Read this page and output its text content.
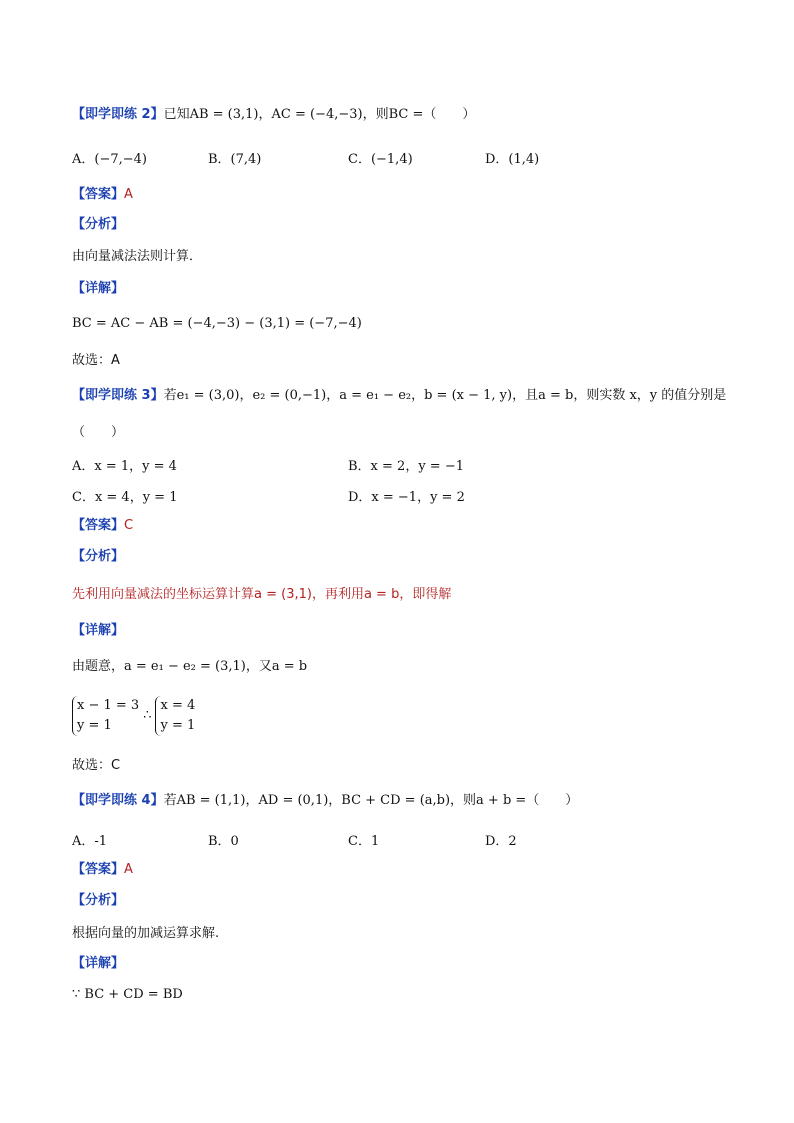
【即学即练 2】已知AB = (3,1)，AC = (−4,−3)，则BC =（　　）
A．(−7,−4)	B．(7,4)	C．(−1,4)	D．(1,4)
【答案】A
【分析】
由向量减法法则计算．
【详解】
BC = AC − AB = (−4,−3) − (3,1) = (−7,−4)
故选：A
【即学即练 3】若e₁ = (3,0)，e₂ = (0,−1)，a = e₁ − e₂，b = (x − 1, y)，且a = b，则实数 x，y 的值分别是
（　　）
A．x = 1，y = 4	B．x = 2，y = −1
C．x = 4，y = 1	D．x = −1，y = 2
【答案】C
【分析】
先利用向量减法的坐标运算计算a = (3,1)，再利用a = b，即得解
【详解】
由题意，a = e₁ − e₂ = (3,1)，又a = b
x − 1 = 3
y = 1
∴
x = 4
y = 1
故选：C
【即学即练 4】若AB = (1,1)，AD = (0,1)，BC + CD = (a,b)，则a + b =（　　）
A．-1	B．0	C．1	D．2
【答案】A
【分析】
根据向量的加减运算求解.
【详解】
∵ BC + CD = BD
